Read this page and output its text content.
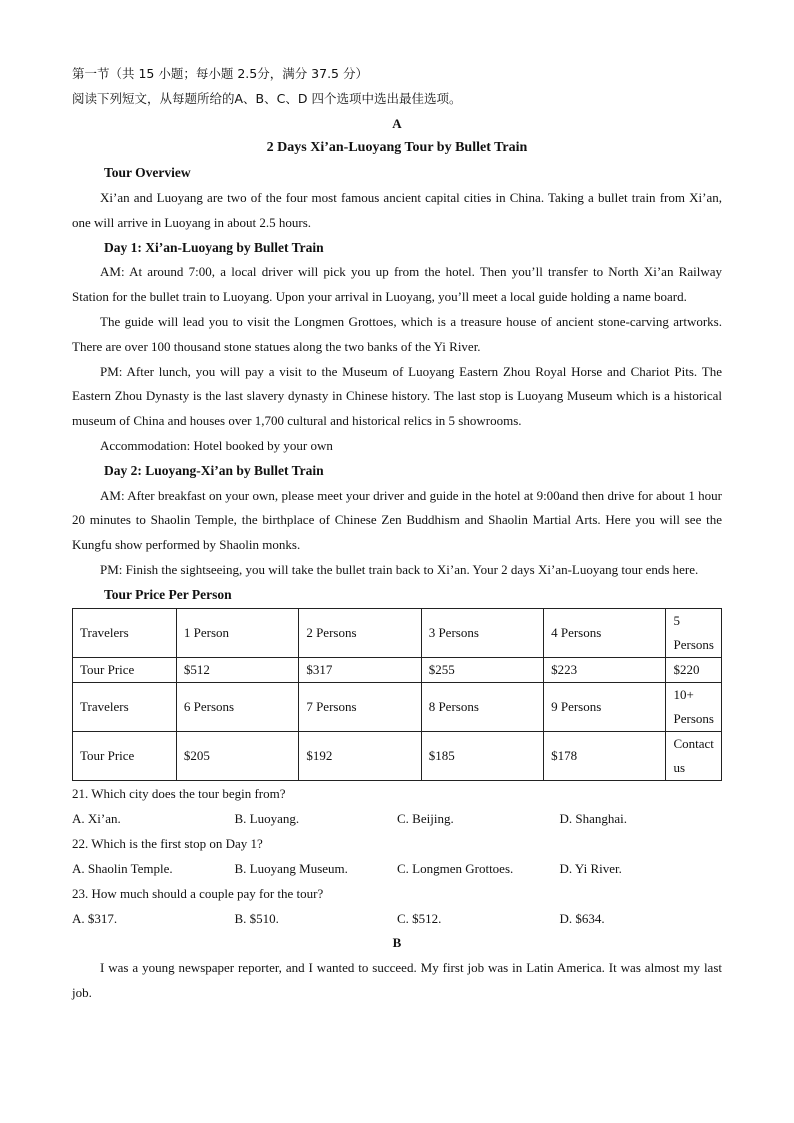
第一节（共 15 小题；每小题 2.5分，满分 37.5 分）

阅读下列短文，从每题所给的A、B、C、D 四个选项中选出最佳选项。

A

2 Days Xi’an-Luoyang Tour by Bullet Train

Tour Overview

Xi’an and Luoyang are two of the four most famous ancient capital cities in China. Taking a bullet train from Xi’an, one will arrive in Luoyang in about 2.5 hours.

Day 1: Xi’an-Luoyang by Bullet Train

AM: At around 7:00, a local driver will pick you up from the hotel. Then you’ll transfer to North Xi’an Railway Station for the bullet train to Luoyang. Upon your arrival in Luoyang, you’ll meet a local guide holding a name board.

The guide will lead you to visit the Longmen Grottoes, which is a treasure house of ancient stone-carving artworks. There are over 100 thousand stone statues along the two banks of the Yi River.

PM: After lunch, you will pay a visit to the Museum of Luoyang Eastern Zhou Royal Horse and Chariot Pits. The Eastern Zhou Dynasty is the last slavery dynasty in Chinese history. The last stop is Luoyang Museum which is a historical museum of China and houses over 1,700 cultural and historical relics in 5 showrooms.

Accommodation: Hotel booked by your own

Day 2: Luoyang-Xi’an by Bullet Train

AM: After breakfast on your own, please meet your driver and guide in the hotel at 9:00and then drive for about 1 hour 20 minutes to Shaolin Temple, the birthplace of Chinese Zen Buddhism and Shaolin Martial Arts. Here you will see the Kungfu show performed by Shaolin monks.

PM: Finish the sightseeing, you will take the bullet train back to Xi’an. Your 2 days Xi’an-Luoyang tour ends here.

Tour Price Per Person

Travelers	1 Person	2 Persons	3 Persons	4 Persons	5 Persons
Tour Price	$512	$317	$255	$223	$220
Travelers	6 Persons	7 Persons	8 Persons	9 Persons	10+ Persons
Tour Price	$205	$192	$185	$178	Contact us

21. Which city does the tour begin from?

A. Xi’an.	B. Luoyang.	C. Beijing.	D. Shanghai.

22. Which is the first stop on Day 1?

A. Shaolin Temple.	B. Luoyang Museum.	C. Longmen Grottoes.	D. Yi River.

23. How much should a couple pay for the tour?

A. $317.	B. $510.	C. $512.	D. $634.

B

I was a young newspaper reporter, and I wanted to succeed. My first job was in Latin America. It was almost my last job.
